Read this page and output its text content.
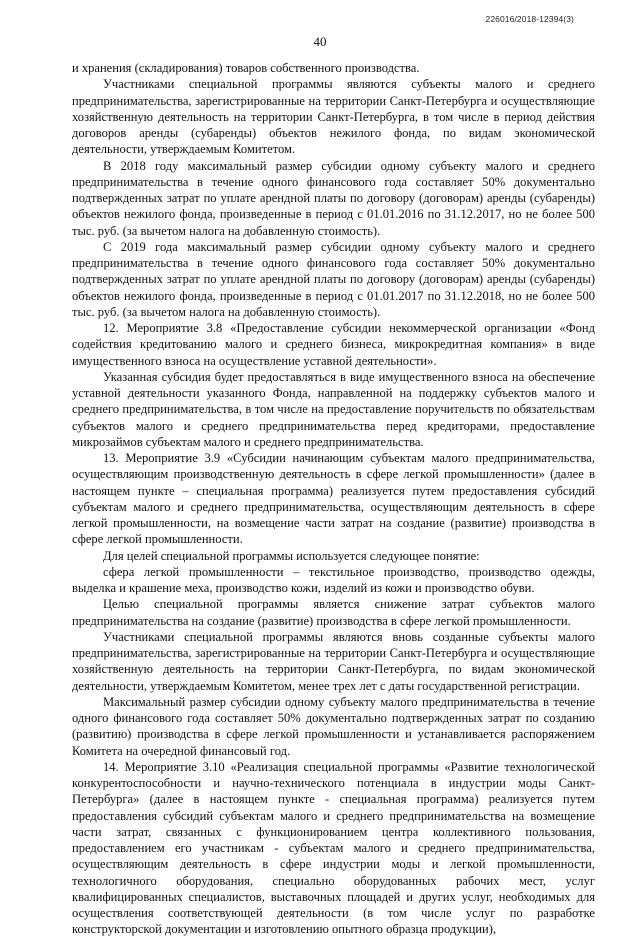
226016/2018-12394(3)
40

и хранения (складирования) товаров собственного производства.

Участниками специальной программы являются субъекты малого и среднего предпринимательства, зарегистрированные на территории Санкт-Петербурга и осуществляющие хозяйственную деятельность на территории Санкт-Петербурга, в том числе в период действия договоров аренды (субаренды) объектов нежилого фонда, по видам экономической деятельности, утверждаемым Комитетом.

В 2018 году максимальный размер субсидии одному субъекту малого и среднего предпринимательства в течение одного финансового года составляет 50% документально подтвержденных затрат по уплате арендной платы по договору (договорам) аренды (субаренды) объектов нежилого фонда, произведенные в период с 01.01.2016 по 31.12.2017, но не более 500 тыс. руб. (за вычетом налога на добавленную стоимость).

С 2019 года максимальный размер субсидии одному субъекту малого и среднего предпринимательства в течение одного финансового года составляет 50% документально подтвержденных затрат по уплате арендной платы по договору (договорам) аренды (субаренды) объектов нежилого фонда, произведенные в период с 01.01.2017 по 31.12.2018, но не более 500 тыс. руб. (за вычетом налога на добавленную стоимость).

12. Мероприятие 3.8 «Предоставление субсидии некоммерческой организации «Фонд содействия кредитованию малого и среднего бизнеса, микрокредитная компания» в виде имущественного взноса на осуществление уставной деятельности».

Указанная субсидия будет предоставляться в виде имущественного взноса на обеспечение уставной деятельности указанного Фонда, направленной на поддержку субъектов малого и среднего предпринимательства, в том числе на предоставление поручительств по обязательствам субъектов малого и среднего предпринимательства перед кредиторами, предоставление микрозаймов субъектам малого и среднего предпринимательства.

13. Мероприятие 3.9 «Субсидии начинающим субъектам малого предпринимательства, осуществляющим производственную деятельность в сфере легкой промышленности» (далее в настоящем пункте – специальная программа) реализуется путем предоставления субсидий субъектам малого и среднего предпринимательства, осуществляющим деятельность в сфере легкой промышленности, на возмещение части затрат на создание (развитие) производства в сфере легкой промышленности.

Для целей специальной программы используется следующее понятие:

сфера легкой промышленности – текстильное производство, производство одежды, выделка и крашение меха, производство кожи, изделий из кожи и производство обуви.

Целью специальной программы является снижение затрат субъектов малого предпринимательства на создание (развитие) производства в сфере легкой промышленности.

Участниками специальной программы являются вновь созданные субъекты малого предпринимательства, зарегистрированные на территории Санкт-Петербурга и осуществляющие хозяйственную деятельность на территории Санкт-Петербурга, по видам экономической деятельности, утверждаемым Комитетом, менее трех лет с даты государственной регистрации.

Максимальный размер субсидии одному субъекту малого предпринимательства в течение одного финансового года составляет 50% документально подтвержденных затрат по созданию (развитию) производства в сфере легкой промышленности и устанавливается распоряжением Комитета на очередной финансовый год.

14. Мероприятие 3.10 «Реализация специальной программы «Развитие технологической конкурентоспособности и научно-технического потенциала в индустрии моды Санкт-Петербурга» (далее в настоящем пункте - специальная программа) реализуется путем предоставления субсидий субъектам малого и среднего предпринимательства на возмещение части затрат, связанных с функционированием центра коллективного пользования, предоставлением его участникам - субъектам малого и среднего предпринимательства, осуществляющим деятельность в сфере индустрии моды и легкой промышленности, технологичного оборудования, специально оборудованных рабочих мест, услуг квалифицированных специалистов, выставочных площадей и других услуг, необходимых для осуществления соответствующей деятельности (в том числе услуг по разработке конструкторской документации и изготовлению опытного образца продукции),
